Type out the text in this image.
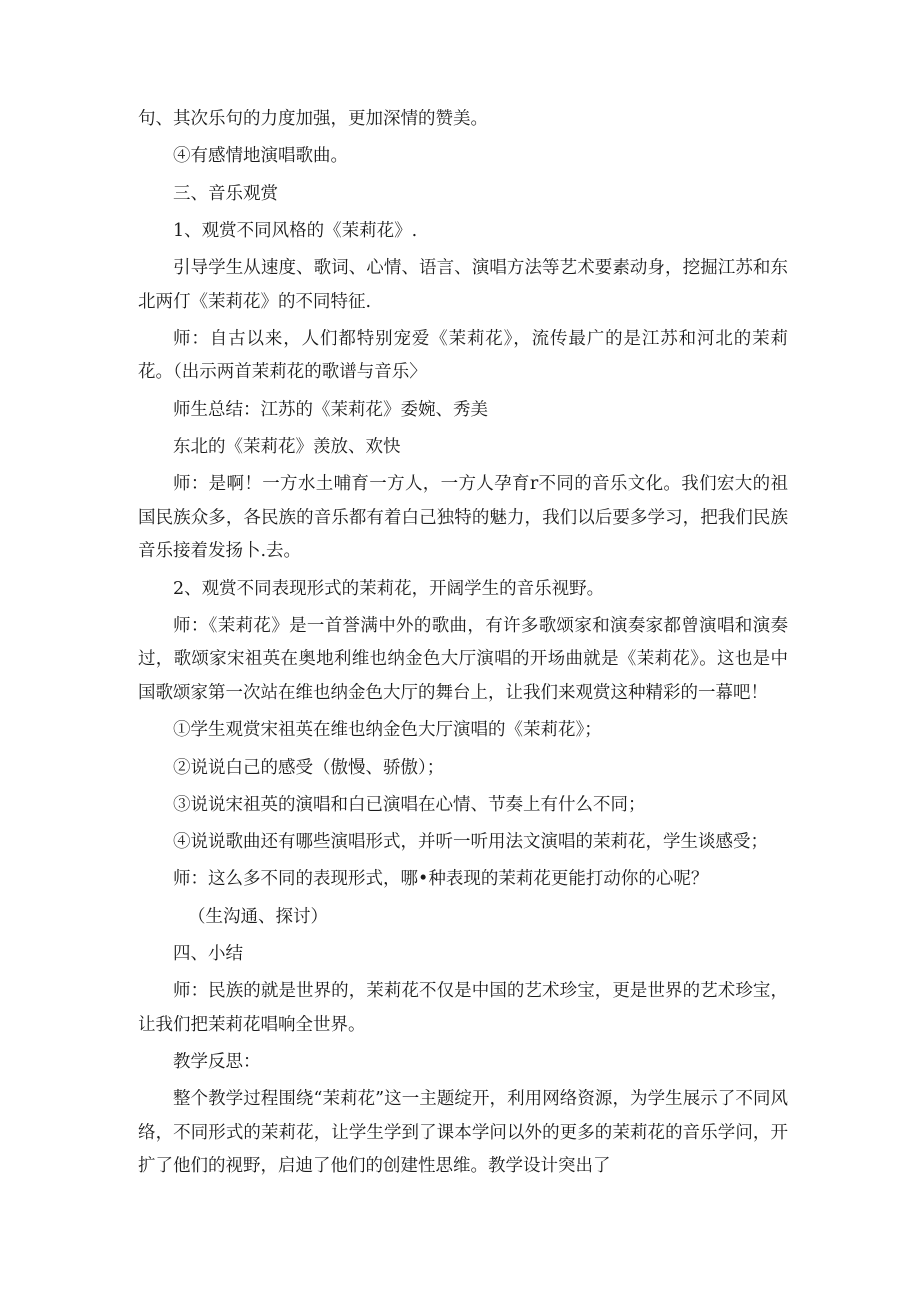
句、其次乐句的力度加强，更加深情的赞美。

④有感情地演唱歌曲。

三、音乐观赏

1、观赏不同风格的《茉莉花》.

引导学生从速度、歌词、心情、语言、演唱方法等艺术要素动身，挖掘江苏和东北两仃《茉莉花》的不同特征.

师：自古以来，人们都特别宠爱《茉莉花》，流传最广的是江苏和河北的茉莉花。（出示两首茉莉花的歌谱与音乐〉

师生总结：江苏的《茉莉花》委婉、秀美

东北的《茉莉花》羡放、欢快

师：是啊！一方水土哺育一方人，一方人孕育r不同的音乐文化。我们宏大的祖国民族众多，各民族的音乐都有着白己独特的魅力，我们以后要多学习，把我们民族音乐接着发扬卜.去。

2、观赏不同表现形式的茉莉花，开阔学生的音乐视野。

师：《茉莉花》是一首誉满中外的歌曲，有许多歌颂家和演奏家都曾演唱和演奏过，歌颂家宋祖英在奥地利维也纳金色大厅演唱的开场曲就是《茉莉花》。这也是中国歌颂家第一次站在维也纳金色大厅的舞台上，让我们来观赏这种精彩的一幕吧！

①学生观赏宋祖英在维也纳金色大厅演唱的《茉莉花》；

②说说白己的感受（傲慢、骄傲）；

③说说宋祖英的演唱和白已演唱在心情、节奏上有什么不同；

④说说歌曲还有哪些演唱形式，并听一听用法文演唱的茉莉花，学生谈感受；

师：这么多不同的表现形式，哪•种表现的茉莉花更能打动你的心呢？

（生沟通、探讨）

四、小结

师：民族的就是世界的，茉莉花不仅是中国的艺术珍宝，更是世界的艺术珍宝，让我们把茉莉花唱响全世界。

教学反思：

整个教学过程围绕“茉莉花”这一主题绽开，利用网络资源，为学生展示了不同风络，不同形式的茉莉花，让学生学到了课本学问以外的更多的茉莉花的音乐学问，开扩了他们的视野，启迪了他们的创建性思维。教学设计突出了
